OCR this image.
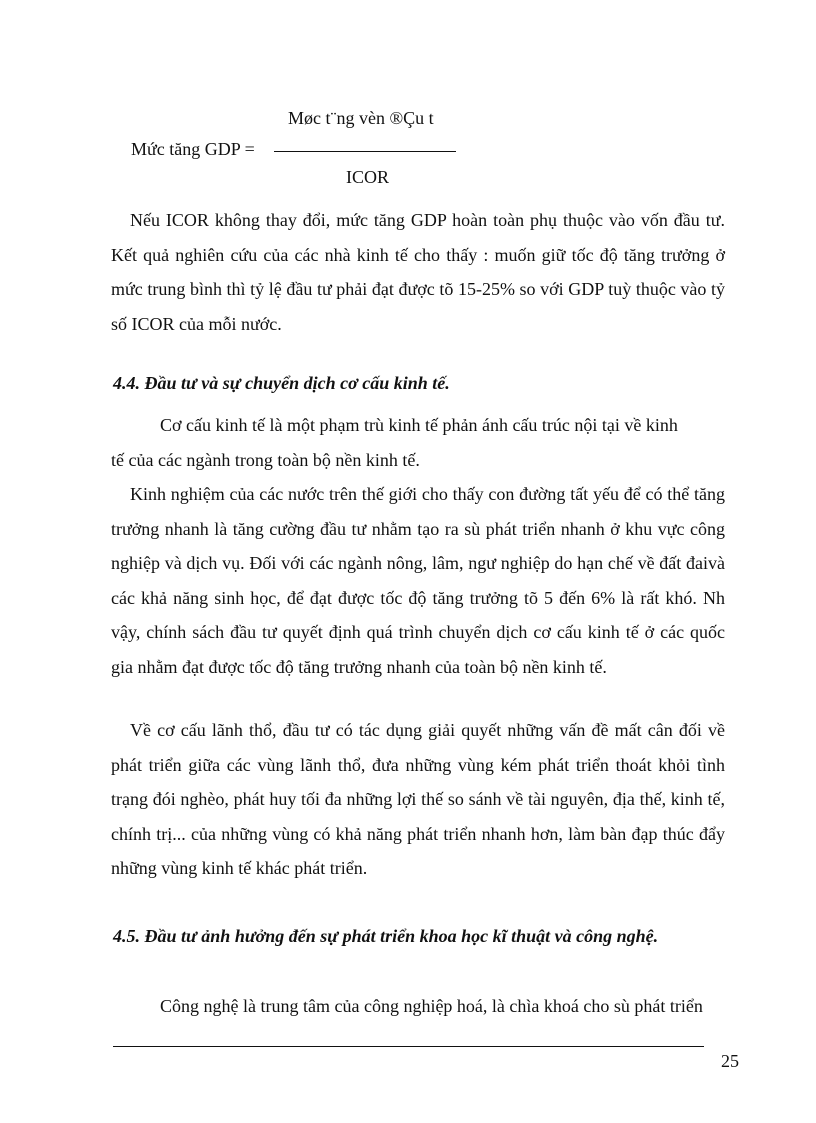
Møc t¨ng vèn ®Çu t
Mức tăng GDP =
ICOR

Nếu ICOR không thay đổi, mức tăng GDP hoàn toàn phụ thuộc vào vốn đầu tư. Kết quả nghiên cứu của các nhà kinh tế cho thấy : muốn giữ tốc độ tăng trưởng ở mức trung bình thì tỷ lệ đầu tư phải đạt được tõ 15-25% so với GDP tuỳ thuộc vào tỷ số ICOR của mỗi nước.

4.4. Đầu tư và sự chuyển dịch cơ cấu kinh tế.

Cơ cấu kinh tế là một phạm trù kinh tế phản ánh cấu trúc nội tại về kinh

tế của các ngành trong toàn bộ nền kinh tế.

Kinh nghiệm của các nước trên thế giới cho thấy con đường tất yếu để có thể tăng trưởng nhanh là tăng cường đầu tư nhằm tạo ra sù phát triển nhanh ở khu vực công nghiệp và dịch vụ. Đối với các ngành nông, lâm, ngư nghiệp do hạn chế về đất đaivà các khả năng sinh học, để đạt được tốc độ tăng trưởng tõ 5 đến 6% là rất khó. Nh vậy, chính sách đầu tư quyết định quá trình chuyển dịch cơ cấu kinh tế ở các quốc gia nhằm đạt được tốc độ tăng trưởng nhanh của toàn bộ nền kinh tế.

Về cơ cấu lãnh thổ, đầu tư có tác dụng giải quyết những vấn đề mất cân đối về phát triển giữa các vùng lãnh thổ, đưa những vùng kém phát triển thoát khỏi tình trạng đói nghèo, phát huy tối đa những lợi thế so sánh về tài nguyên, địa thế, kinh tế, chính trị... của những vùng có khả năng phát triển nhanh hơn, làm bàn đạp thúc đẩy những vùng kinh tế khác phát triển.

4.5. Đầu tư ảnh hưởng đến sự phát triển khoa học kĩ thuật và công nghệ.

Công nghệ là trung tâm của công nghiệp hoá, là chìa khoá cho sù phát triển

25
